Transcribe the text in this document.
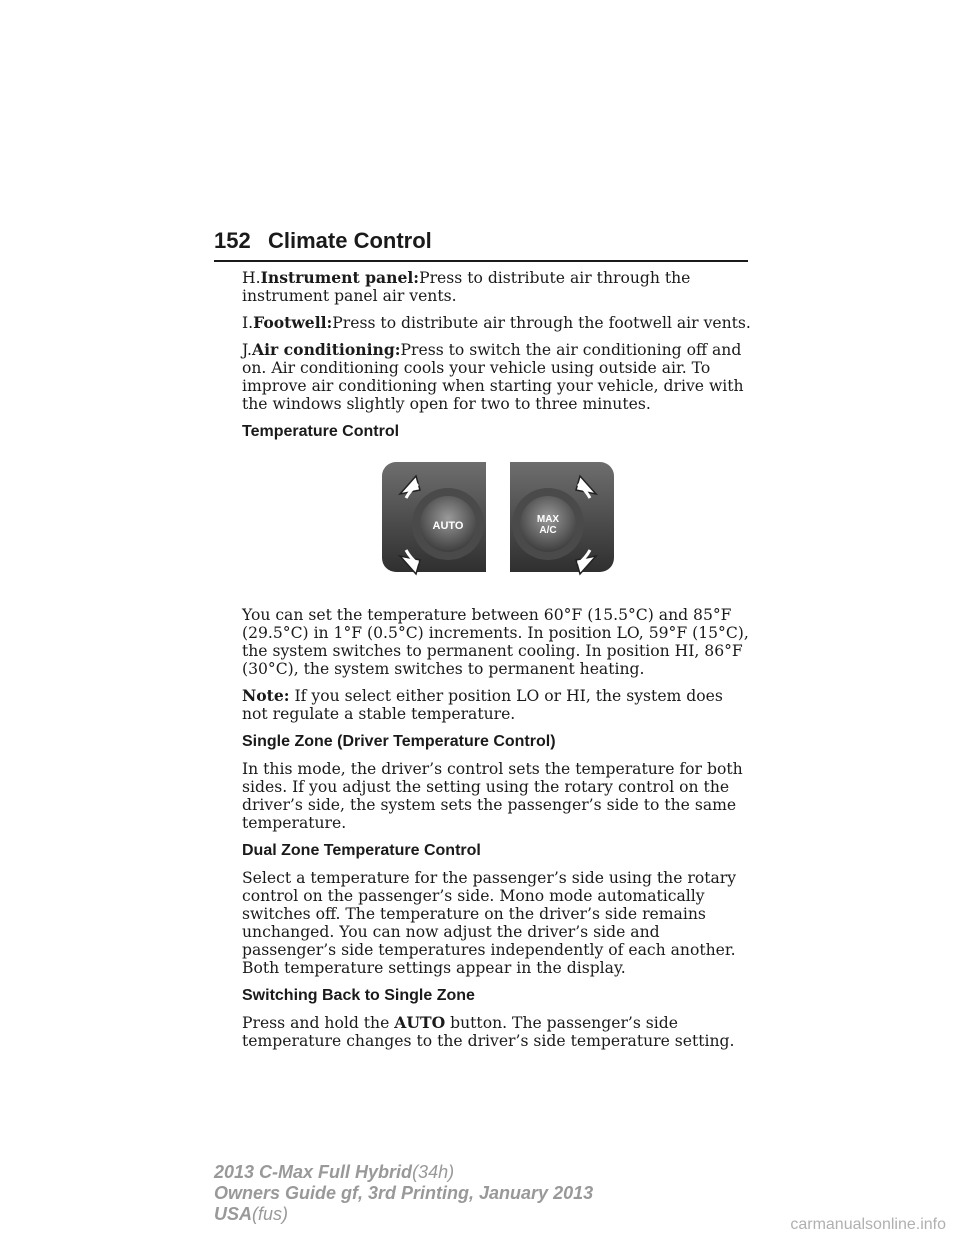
152 Climate Control

H.Instrument panel:Press to distribute air through the instrument panel air vents.

I.Footwell:Press to distribute air through the footwell air vents.

J.Air conditioning:Press to switch the air conditioning off and on. Air conditioning cools your vehicle using outside air. To improve air conditioning when starting your vehicle, drive with the windows slightly open for two to three minutes.

Temperature Control
AUTO
MAX
A/C

You can set the temperature between 60°F (15.5°C) and 85°F (29.5°C) in 1°F (0.5°C) increments. In position LO, 59°F (15°C), the system switches to permanent cooling. In position HI, 86°F (30°C), the system switches to permanent heating.

Note: If you select either position LO or HI, the system does not regulate a stable temperature.

Single Zone (Driver Temperature Control)

In this mode, the driver’s control sets the temperature for both sides. If you adjust the setting using the rotary control on the driver’s side, the system sets the passenger’s side to the same temperature.

Dual Zone Temperature Control

Select a temperature for the passenger’s side using the rotary control on the passenger’s side. Mono mode automatically switches off. The temperature on the driver’s side remains unchanged. You can now adjust the driver’s side and passenger’s side temperatures independently of each another. Both temperature settings appear in the display.

Switching Back to Single Zone

Press and hold the AUTO button. The passenger’s side temperature changes to the driver’s side temperature setting.

2013 C-Max Full Hybrid(34h)
Owners Guide gf, 3rd Printing, January 2013
USA(fus)
carmanualsonline.info
